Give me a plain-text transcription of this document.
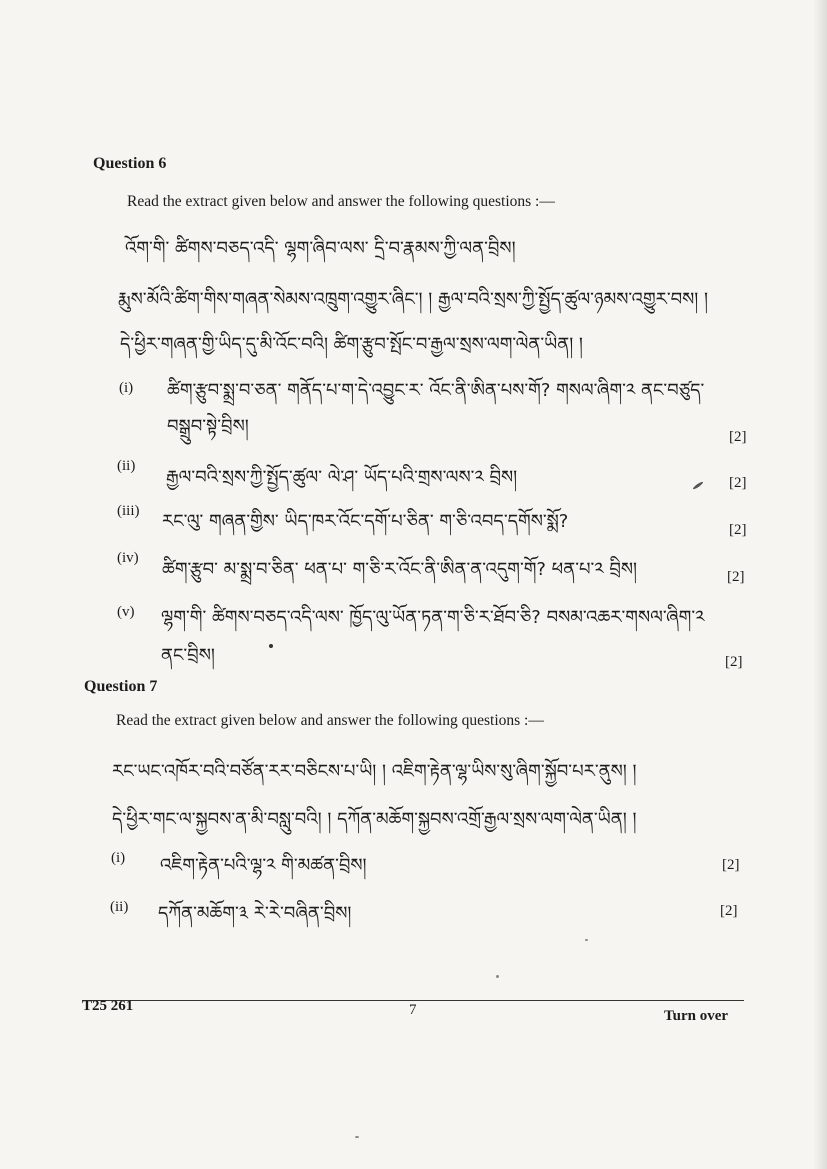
Question 6
Read the extract given below and answer the following questions :—
འོག་གི་ ཚིགས་བཅད་འདི་ ལྷག་ཞིབ་ལས་ དྲི་བ་རྣམས་ཀྱི་ལན་བྲིས།
རྨུས་མོའི་ཚིག་གིས་གཞན་སེམས་འཁྲུག་འགྱུར་ཞིང་། ། རྒྱལ་བའི་སྲས་ཀྱི་སྤྱོད་ཚུལ་ཉམས་འགྱུར་བས། །
དེ་ཕྱིར་གཞན་གྱི་ཡིད་དུ་མི་འོང་བའི། ཚིག་རྩུབ་སྤོང་བ་རྒྱལ་སྲས་ལག་ལེན་ཡིན། །
(i) ཚིག་རྩུབ་སྨྲ་བ་ཅན་ གནོད་པ་ག་དེ་འབྱུང་ར་ འོང་ནི་ཨིན་པས་གོ? གསལ་ཞིག་༢ ནང་བཙུད་
བསྒྲུབ་སྟེ་བྲིས།	[2]
(ii)
རྒྱལ་བའི་སྲས་ཀྱི་སྤྱོད་ཚུལ་ ལེ་ཤ་ ཡོད་པའི་གྲས་ལས་༢ བྲིས།	[2]
(iii) རང་ལུ་ གཞན་གྱིས་ ཡིད་ཁར་འོང་དགོ་པ་ཅིན་ ག་ཅི་འབད་དགོས་སྨོ?	[2]
(iv)
ཚིག་རྩུབ་ མ་སྨྲ་བ་ཅིན་ ཕན་པ་ ག་ཅི་ར་འོང་ནི་ཨིན་ན་འདུག་གོ? ཕན་པ་༢ བྲིས།	[2]
(v) ལྷག་གི་ ཚིགས་བཅད་འདི་ལས་ ཁྱོད་ལུ་ཡོན་ཏན་ག་ཅི་ར་ཐོབ་ཅི? བསམ་འཆར་གསལ་ཞིག་༢
ནང་བྲིས།	[2]
Question 7
Read the extract given below and answer the following questions :—
རང་ཡང་འཁོར་བའི་བཙོན་རར་བཅིངས་པ་ཡི། ། འཇིག་རྟེན་ལྷ་ཡིས་སུ་ཞིག་སྐྱོབ་པར་ནུས། །
དེ་ཕྱིར་གང་ལ་སྐྱབས་ན་མི་བསླུ་བའི། ། དཀོན་མཆོག་སྐྱབས་འགྲོ་རྒྱལ་སྲས་ལག་ལེན་ཡིན། །
(i) འཇིག་རྟེན་པའི་ལྷ་༢ གི་མཚན་བྲིས།	[2]
(ii) དཀོན་མཆོག་༣ རེ་རེ་བཞིན་བྲིས།	[2]
T25 261	7	Turn over
